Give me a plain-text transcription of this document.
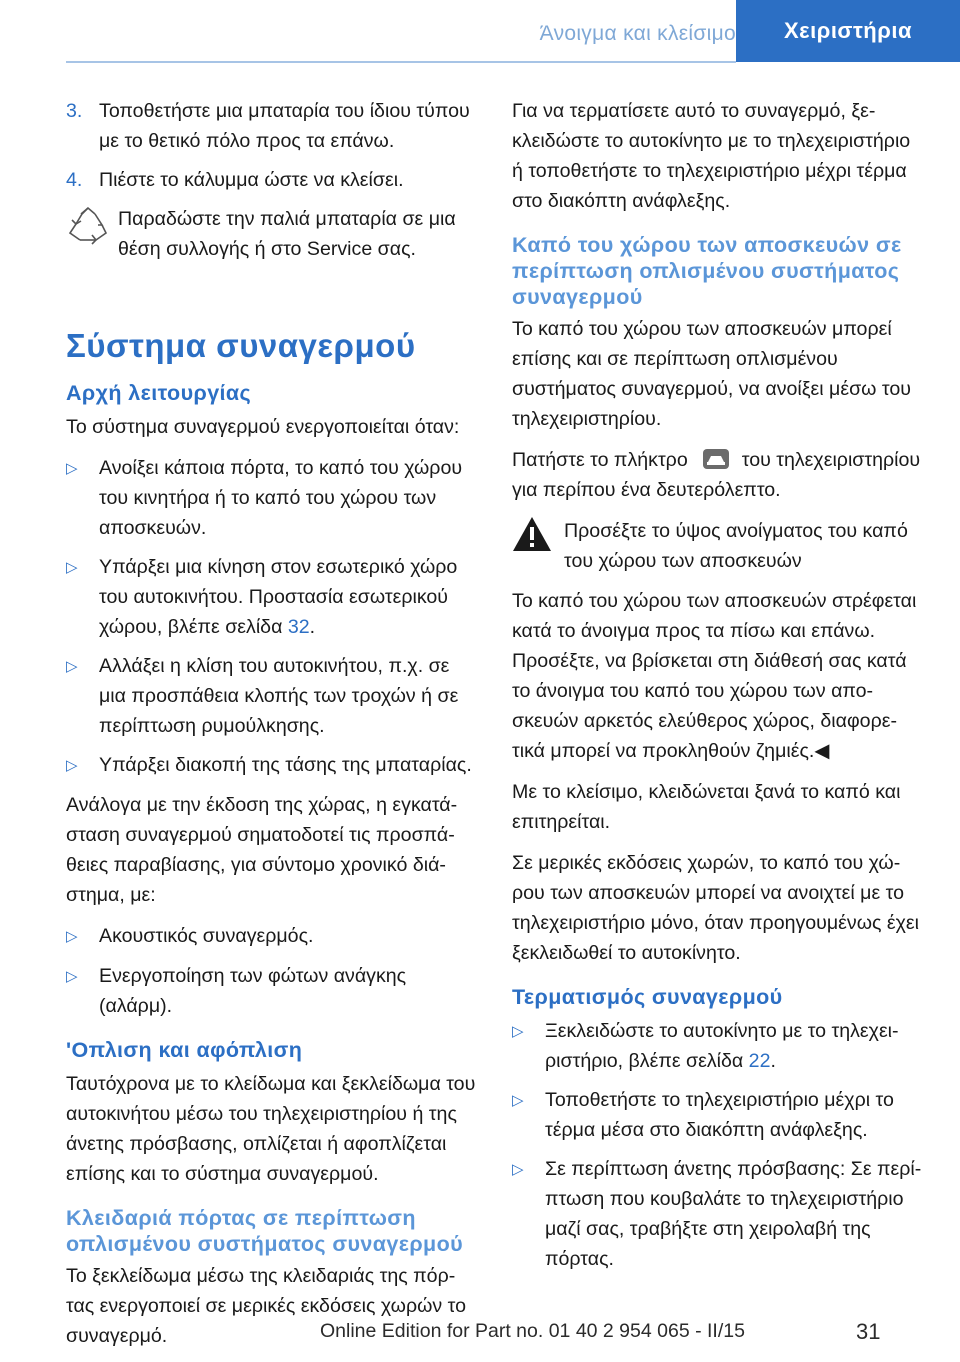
Άνοιγμα και κλείσιμο	Χειριστήρια
3. Τοποθετήστε μια μπαταρία του ίδιου τύπου με το θετικό πόλο προς τα επάνω.
4. Πιέστε το κάλυμμα ώστε να κλείσει.
Παραδώστε την παλιά μπαταρία σε μια θέση συλλογής ή στο Service σας.
Σύστημα συναγερμού
Αρχή λειτουργίας

Το σύστημα συναγερμού ενεργοποιείται όταν:

▷	Ανοίξει κάποια πόρτα, το καπό του χώρου του κινητήρα ή το καπό του χώρου των αποσκευών.
▷	Υπάρξει μια κίνηση στον εσωτερικό χώρο του αυτοκινήτου. Προστασία εσωτερικού χώρου, βλέπε σελίδα 32.
▷	Αλλάξει η κλίση του αυτοκινήτου, π.χ. σε μια προσπάθεια κλοπής των τροχών ή σε περίπτωση ρυμούλκησης.
▷	Υπάρξει διακοπή της τάσης της μπαταρίας.

Ανάλογα με την έκδοση της χώρας, η εγκατάσταση συναγερμού σηματοδοτεί τις προσπάθειες παραβίασης, για σύντομο χρονικό διάστημα, με:

▷	Ακουστικός συναγερμός.
▷	Ενεργοποίηση των φώτων ανάγκης (αλάρμ).
'Οπλιση και αφόπλιση

Ταυτόχρονα με το κλείδωμα και ξεκλείδωμα του αυτοκινήτου μέσω του τηλεχειριστηρίου ή της άνετης πρόσβασης, οπλίζεται ή αφοπλίζεται επίσης και το σύστημα συναγερμού.

Κλειδαριά πόρτας σε περίπτωση οπλισμένου συστήματος συναγερμού

Το ξεκλείδωμα μέσω της κλειδαριάς της πόρτας ενεργοποιεί σε μερικές εκδόσεις χωρών το συναγερμό.

Για να τερματίσετε αυτό το συναγερμό, ξεκλειδώστε το αυτοκίνητο με το τηλεχειριστήριο ή τοποθετήστε το τηλεχειριστήριο μέχρι τέρμα στο διακόπτη ανάφλεξης.

Καπό του χώρου των αποσκευών σε περίπτωση οπλισμένου συστήματος συναγερμού

Το καπό του χώρου των αποσκευών μπορεί επίσης και σε περίπτωση οπλισμένου συστήματος συναγερμού, να ανοίξει μέσω του τηλεχειριστηρίου.

Πατήστε το πλήκτρο	του τηλεχειριστηρίου για περίπου ένα δευτερόλεπτο.

Προσέξτε το ύψος ανοίγματος του καπό του χώρου των αποσκευών

Το καπό του χώρου των αποσκευών στρέφεται κατά το άνοιγμα προς τα πίσω και επάνω. Προσέξτε, να βρίσκεται στη διάθεσή σας κατά το άνοιγμα του καπό του χώρου των αποσκευών αρκετός ελεύθερος χώρος, διαφορετικά μπορεί να προκληθούν ζημιές.◀

Με το κλείσιμο, κλειδώνεται ξανά το καπό και επιτηρείται.

Σε μερικές εκδόσεις χωρών, το καπό του χώρου των αποσκευών μπορεί να ανοιχτεί με το τηλεχειριστήριο μόνο, όταν προηγουμένως έχει ξεκλειδωθεί το αυτοκίνητο.

Τερματισμός συναγερμού
▷	Ξεκλειδώστε το αυτοκίνητο με το τηλεχειριστήριο, βλέπε σελίδα 22.
▷	Τοποθετήστε το τηλεχειριστήριο μέχρι το τέρμα μέσα στο διακόπτη ανάφλεξης.
▷	Σε περίπτωση άνετης πρόσβασης: Σε περίπτωση που κουβαλάτε το τηλεχειριστήριο μαζί σας, τραβήξτε στη χειρολαβή της πόρτας.
Online Edition for Part no. 01 40 2 954 065 - II/15	31
